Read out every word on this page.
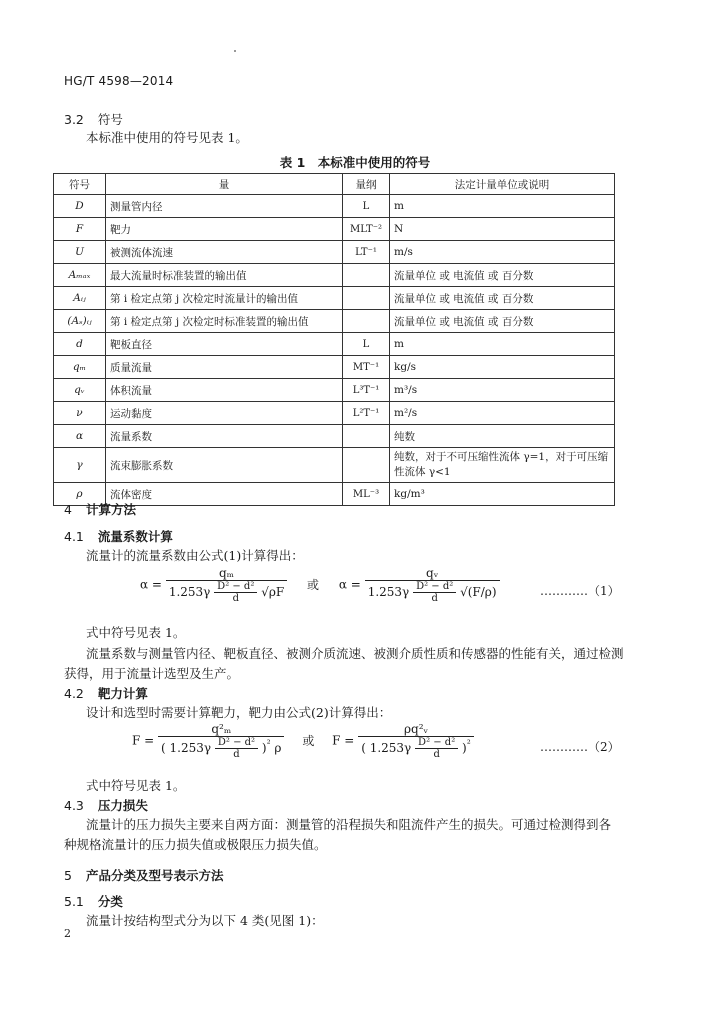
HG/T 4598—2014
3.2 符号
本标准中使用的符号见表 1。
表 1　本标准中使用的符号
符号	量	量纲	法定计量单位或说明
D	测量管内径	L	m
F	靶力	MLT⁻²	N
U	被测流体流速	LT⁻¹	m/s
Aₘₐₓ	最大流量时标准装置的输出值		流量单位 或 电流值 或 百分数
Aᵢⱼ	第 i 检定点第 j 次检定时流量计的输出值		流量单位 或 电流值 或 百分数
(Aₛ)ᵢⱼ	第 i 检定点第 j 次检定时标准装置的输出值		流量单位 或 电流值 或 百分数
d	靶板直径	L	m
qₘ	质量流量	MT⁻¹	kg/s
qᵥ	体积流量	L³T⁻¹	m³/s
ν	运动黏度	L²T⁻¹	m²/s
α	流量系数		纯数
γ	流束膨胀系数		纯数，对于不可压缩性流体 γ=1，对于可压缩性流体 γ<1
ρ	流体密度	ML⁻³	kg/m³
4 计算方法
4.1 流量系数计算
流量计的流量系数由公式(1)计算得出：
$\alpha = \frac{\text{qₘ}}{1.253\gamma \frac{\text{D² − d²}}{d} √\rho F}$ 或 $\alpha = \frac{\text{qᵥ}}{1.253\gamma \frac{\text{D² − d²}}{d} √(F/\rho)}$	…………（1）
式中符号见表 1。
流量系数与测量管内径、靶板直径、被测介质流速、被测介质性质和传感器的性能有关，通过检测
获得，用于流量计选型及生产。
4.2 靶力计算
设计和选型时需要计算靶力，靶力由公式(2)计算得出：
$F = \frac{\text{q²ₘ}}{( 1.253\gamma \frac{\text{D² − d²}}{d} )^{^2} \rho}$ 或 $F = \frac{\text{ρq²ᵥ}}{( 1.253\gamma \frac{\text{D² − d²}}{d} )^{^2}}$	…………（2）
式中符号见表 1。
4.3 压力损失
流量计的压力损失主要来自两方面：测量管的沿程损失和阻流件产生的损失。可通过检测得到各
种规格流量计的压力损失值或极限压力损失值。
5 产品分类及型号表示方法
5.1 分类
流量计按结构型式分为以下 4 类(见图 1)：
2
